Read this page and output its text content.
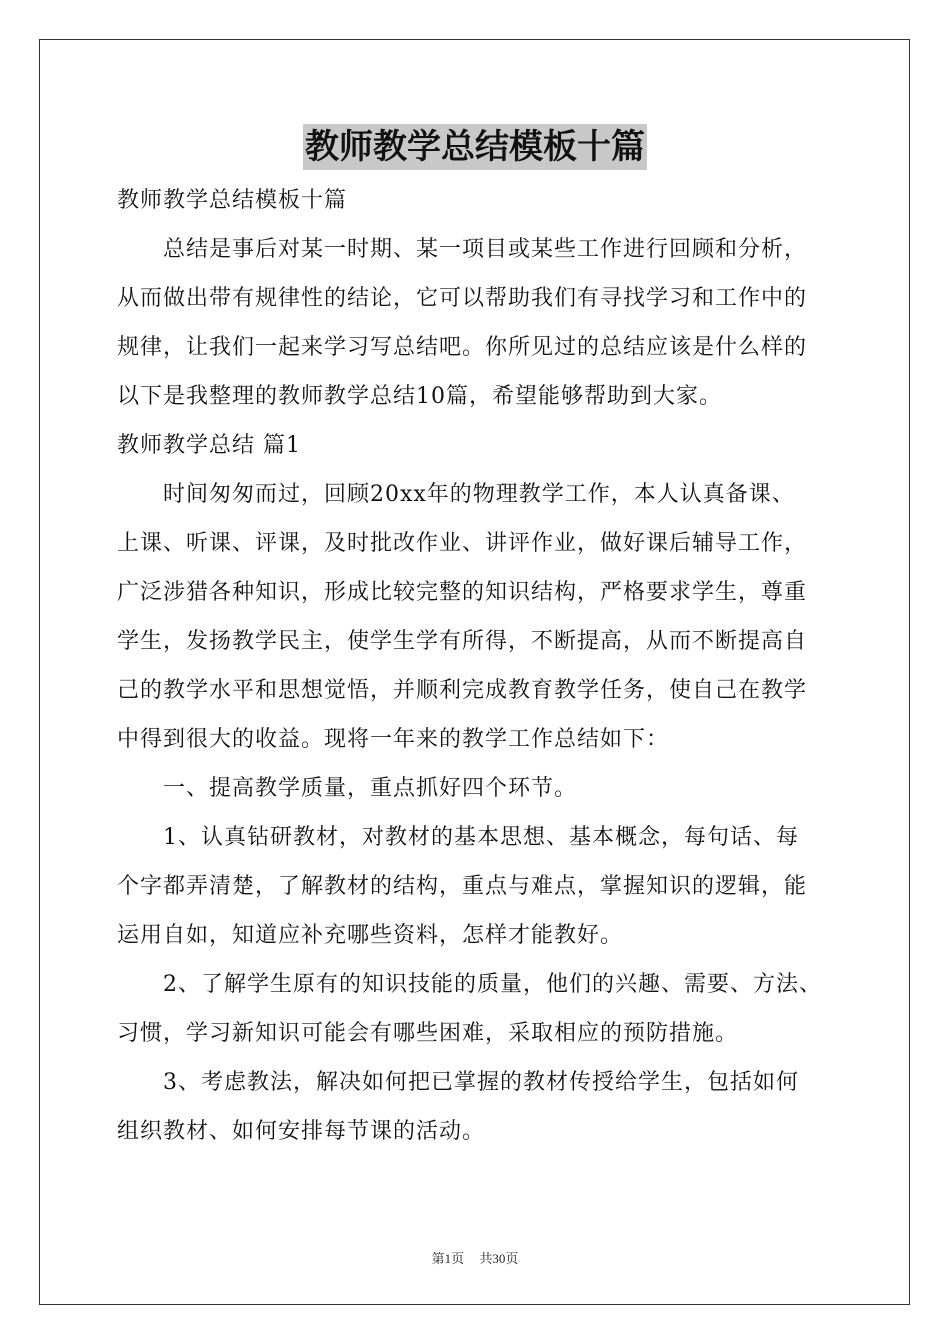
教师教学总结模板十篇
教师教学总结模板十篇
总结是事后对某一时期、某一项目或某些工作进行回顾和分析，
从而做出带有规律性的结论，它可以帮助我们有寻找学习和工作中的
规律，让我们一起来学习写总结吧。你所见过的总结应该是什么样的
以下是我整理的教师教学总结10篇，希望能够帮助到大家。
教师教学总结 篇1
时间匆匆而过，回顾20xx年的物理教学工作，本人认真备课、
上课、听课、评课，及时批改作业、讲评作业，做好课后辅导工作，
广泛涉猎各种知识，形成比较完整的知识结构，严格要求学生，尊重
学生，发扬教学民主，使学生学有所得，不断提高，从而不断提高自
己的教学水平和思想觉悟，并顺利完成教育教学任务，使自己在教学
中得到很大的收益。现将一年来的教学工作总结如下：
一、提高教学质量，重点抓好四个环节。
1、认真钻研教材，对教材的基本思想、基本概念，每句话、每
个字都弄清楚，了解教材的结构，重点与难点，掌握知识的逻辑，能
运用自如，知道应补充哪些资料，怎样才能教好。
2、了解学生原有的知识技能的质量，他们的兴趣、需要、方法、
习惯，学习新知识可能会有哪些困难，采取相应的预防措施。
3、考虑教法，解决如何把已掌握的教材传授给学生，包括如何
组织教材、如何安排每节课的活动。
第1页 共30页
